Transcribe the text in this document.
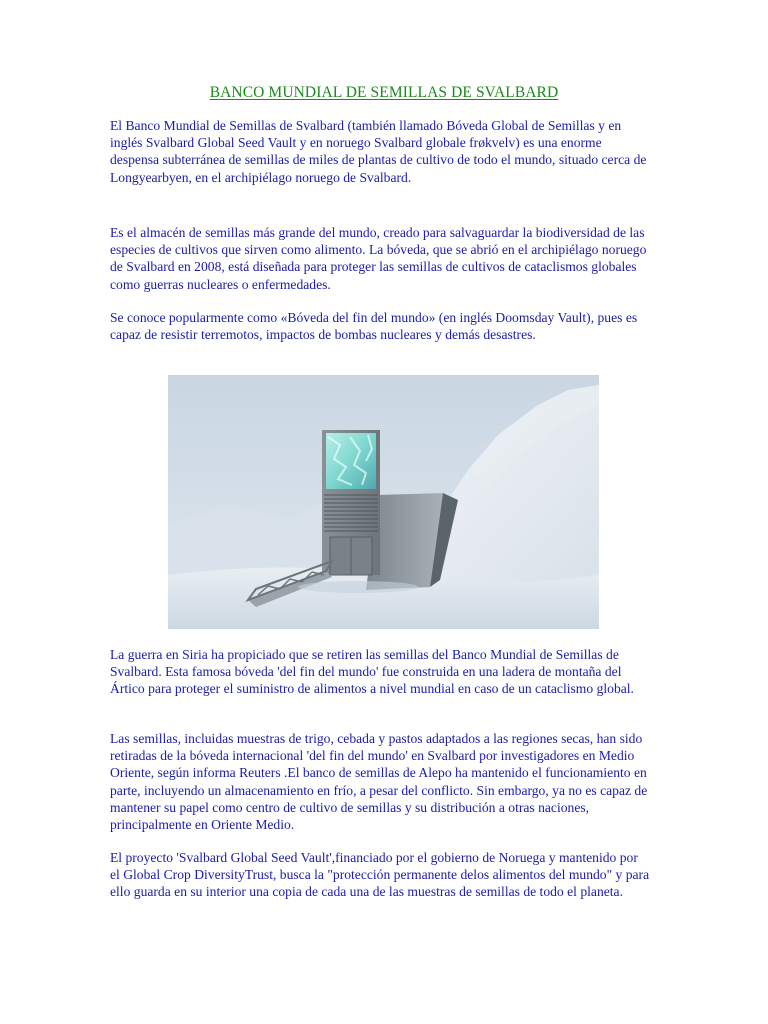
BANCO MUNDIAL DE SEMILLAS DE SVALBARD

El Banco Mundial de Semillas de Svalbard (también llamado Bóveda Global de Semillas y en inglés Svalbard Global Seed Vault y en noruego Svalbard globale frøkvelv) es una enorme despensa subterránea de semillas de miles de plantas de cultivo de todo el mundo, situado cerca de Longyearbyen, en el archipiélago noruego de Svalbard.

Es el almacén de semillas más grande del mundo, creado para salvaguardar la biodiversidad de las especies de cultivos que sirven como alimento. La bóveda, que se abrió en el archipiélago noruego de Svalbard en 2008, está diseñada para proteger las semillas de cultivos de cataclismos globales como guerras nucleares o enfermedades.

Se conoce popularmente como «Bóveda del fin del mundo» (en inglés Doomsday Vault), pues es capaz de resistir terremotos, impactos de bombas nucleares y demás desastres.

La guerra en Siria ha propiciado que se retiren las semillas del Banco Mundial de Semillas de Svalbard. Esta famosa bóveda 'del fin del mundo' fue construida en una ladera de montaña del Ártico para proteger el suministro de alimentos a nivel mundial en caso de un cataclismo global.

Las semillas, incluidas muestras de trigo, cebada y pastos adaptados a las regiones secas, han sido retiradas de la bóveda internacional 'del fin del mundo' en Svalbard por investigadores en Medio Oriente, según informa Reuters .El banco de semillas de Alepo ha mantenido el funcionamiento en parte, incluyendo un almacenamiento en frío, a pesar del conflicto. Sin embargo, ya no es capaz de mantener su papel como centro de cultivo de semillas y su distribución a otras naciones, principalmente en Oriente Medio.

El proyecto 'Svalbard Global Seed Vault',financiado por el gobierno de Noruega y mantenido por el Global Crop DiversityTrust, busca la "protección permanente delos alimentos del mundo" y para ello guarda en su interior una copia de cada una de las muestras de semillas de todo el planeta.
